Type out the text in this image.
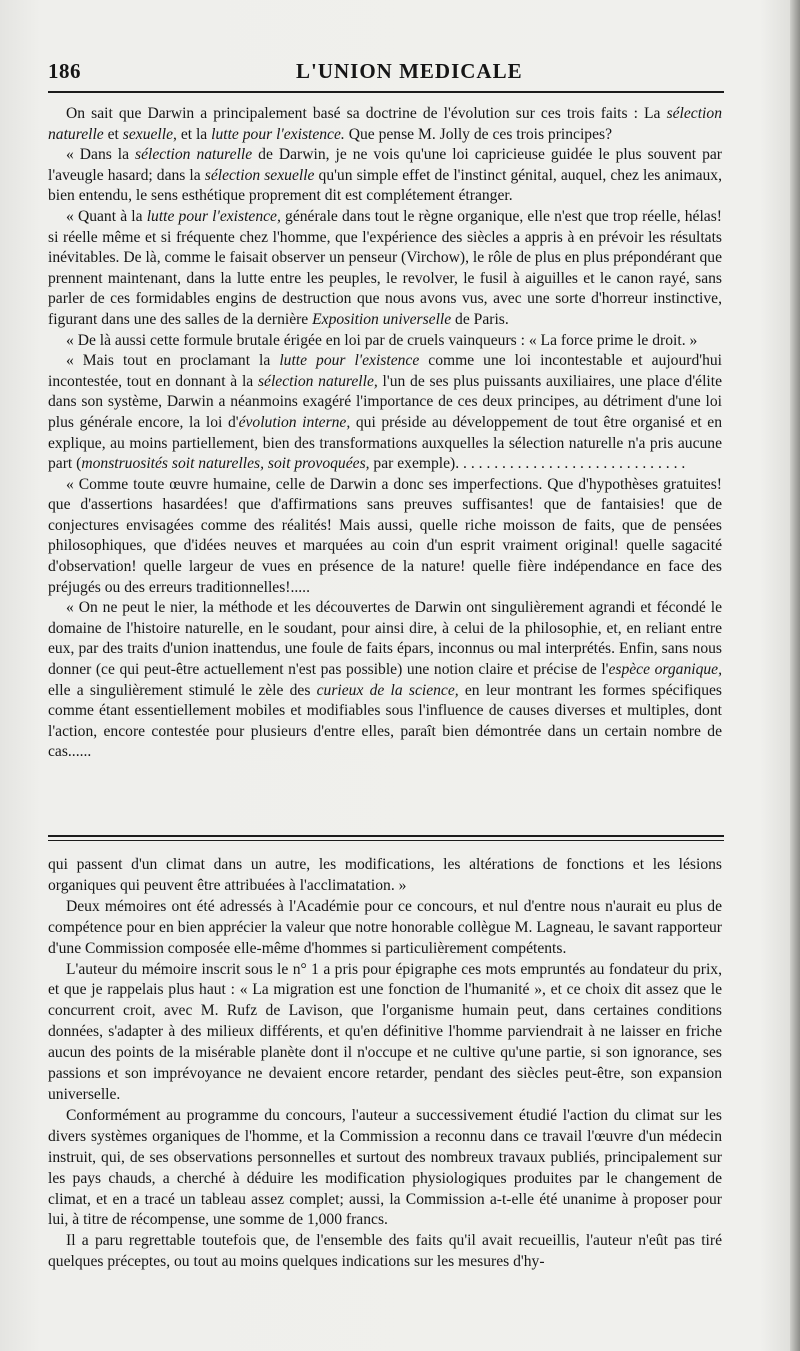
186	L'UNION MEDICALE

On sait que Darwin a principalement basé sa doctrine de l'évolution sur ces trois faits : La sélection naturelle et sexuelle, et la lutte pour l'existence. Que pense M. Jolly de ces trois principes?

« Dans la sélection naturelle de Darwin, je ne vois qu'une loi capricieuse guidée le plus souvent par l'aveugle hasard; dans la sélection sexuelle qu'un simple effet de l'instinct génital, auquel, chez les animaux, bien entendu, le sens esthétique proprement dit est complétement étranger.

« Quant à la lutte pour l'existence, générale dans tout le règne organique, elle n'est que trop réelle, hélas! si réelle même et si fréquente chez l'homme, que l'expérience des siècles a appris à en prévoir les résultats inévitables. De là, comme le faisait observer un penseur (Virchow), le rôle de plus en plus prépondérant que prennent maintenant, dans la lutte entre les peuples, le revolver, le fusil à aiguilles et le canon rayé, sans parler de ces formidables engins de destruction que nous avons vus, avec une sorte d'horreur instinctive, figurant dans une des salles de la dernière Exposition universelle de Paris.

« De là aussi cette formule brutale érigée en loi par de cruels vainqueurs : « La force prime le droit. »

« Mais tout en proclamant la lutte pour l'existence comme une loi incontestable et aujourd'hui incontestée, tout en donnant à la sélection naturelle, l'un de ses plus puissants auxiliaires, une place d'élite dans son système, Darwin a néanmoins exagéré l'importance de ces deux principes, au détriment d'une loi plus générale encore, la loi d'évolution interne, qui préside au développement de tout être organisé et en explique, au moins partiellement, bien des transformations auxquelles la sélection naturelle n'a pris aucune part (monstruosités soit naturelles, soit provoquées, par exemple). . . . . . . . . . . . . . . . . . . . . . . . . . . . . .

« Comme toute œuvre humaine, celle de Darwin a donc ses imperfections. Que d'hypothèses gratuites! que d'assertions hasardées! que d'affirmations sans preuves suffisantes! que de fantaisies! que de conjectures envisagées comme des réalités! Mais aussi, quelle riche moisson de faits, que de pensées philosophiques, que d'idées neuves et marquées au coin d'un esprit vraiment original! quelle sagacité d'observation! quelle largeur de vues en présence de la nature! quelle fière indépendance en face des préjugés ou des erreurs traditionnelles!.....

« On ne peut le nier, la méthode et les découvertes de Darwin ont singulièrement agrandi et fécondé le domaine de l'histoire naturelle, en le soudant, pour ainsi dire, à celui de la philosophie, et, en reliant entre eux, par des traits d'union inattendus, une foule de faits épars, inconnus ou mal interprétés. Enfin, sans nous donner (ce qui peut-être actuellement n'est pas possible) une notion claire et précise de l'espèce organique, elle a singulièrement stimulé le zèle des curieux de la science, en leur montrant les formes spécifiques comme étant essentiellement mobiles et modifiables sous l'influence de causes diverses et multiples, dont l'action, encore contestée pour plusieurs d'entre elles, paraît bien démontrée dans un certain nombre de cas......

qui passent d'un climat dans un autre, les modifications, les altérations de fonctions et les lésions organiques qui peuvent être attribuées à l'acclimatation. »

Deux mémoires ont été adressés à l'Académie pour ce concours, et nul d'entre nous n'aurait eu plus de compétence pour en bien apprécier la valeur que notre honorable collègue M. Lagneau, le savant rapporteur d'une Commission composée elle-même d'hommes si particulièrement compétents.

L'auteur du mémoire inscrit sous le n° 1 a pris pour épigraphe ces mots empruntés au fondateur du prix, et que je rappelais plus haut : « La migration est une fonction de l'humanité », et ce choix dit assez que le concurrent croit, avec M. Rufz de Lavison, que l'organisme humain peut, dans certaines conditions données, s'adapter à des milieux différents, et qu'en définitive l'homme parviendrait à ne laisser en friche aucun des points de la misérable planète dont il n'occupe et ne cultive qu'une partie, si son ignorance, ses passions et son imprévoyance ne devaient encore retarder, pendant des siècles peut-être, son expansion universelle.

Conformément au programme du concours, l'auteur a successivement étudié l'action du climat sur les divers systèmes organiques de l'homme, et la Commission a reconnu dans ce travail l'œuvre d'un médecin instruit, qui, de ses observations personnelles et surtout des nombreux travaux publiés, principalement sur les pays chauds, a cherché à déduire les modification physiologiques produites par le changement de climat, et en a tracé un tableau assez complet; aussi, la Commission a-t-elle été unanime à proposer pour lui, à titre de récompense, une somme de 1,000 francs.

Il a paru regrettable toutefois que, de l'ensemble des faits qu'il avait recueillis, l'auteur n'eût pas tiré quelques préceptes, ou tout au moins quelques indications sur les mesures d'hy-
